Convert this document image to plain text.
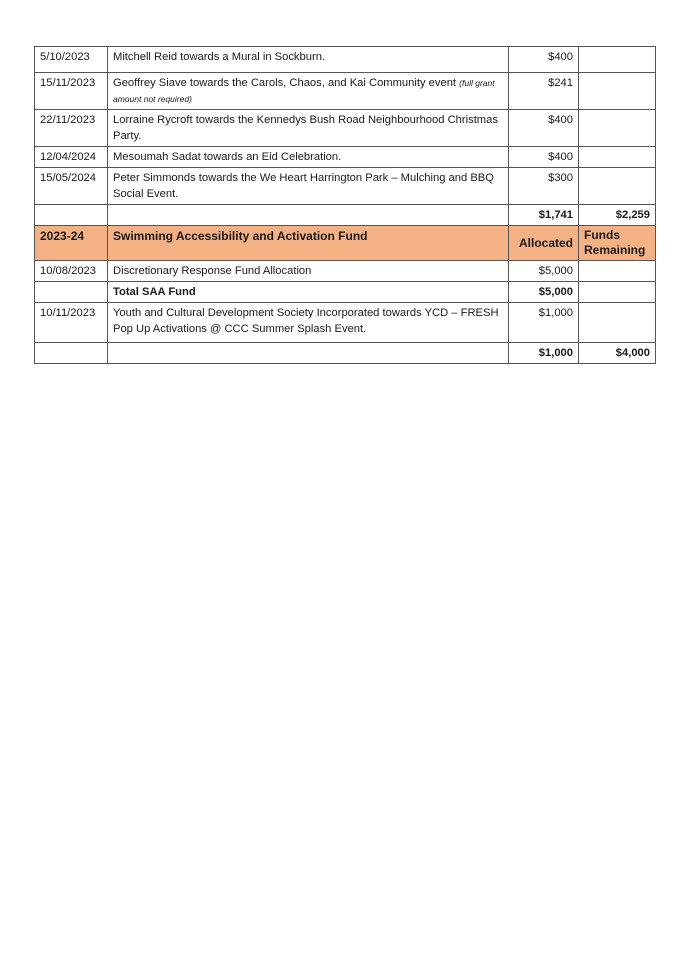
5/10/2023	Mitchell Reid towards a Mural in Sockburn.	$400	
15/11/2023	Geoffrey Siave towards the Carols, Chaos, and Kai Community event (full grant amount not required)	$241	
22/11/2023	Lorraine Rycroft towards the Kennedys Bush Road Neighbourhood Christmas Party.	$400	
12/04/2024	Mesoumah Sadat towards an Eid Celebration.	$400	
15/05/2024	Peter Simmonds towards the We Heart Harrington Park – Mulching and BBQ Social Event.	$300	
		$1,741	$2,259
2023-24	Swimming Accessibility and Activation Fund	Allocated	Funds Remaining
10/08/2023	Discretionary Response Fund Allocation	$5,000	
	Total SAA Fund	$5,000	
10/11/2023	Youth and Cultural Development Society Incorporated towards YCD – FRESH Pop Up Activations @ CCC Summer Splash Event.	$1,000	
		$1,000	$4,000
